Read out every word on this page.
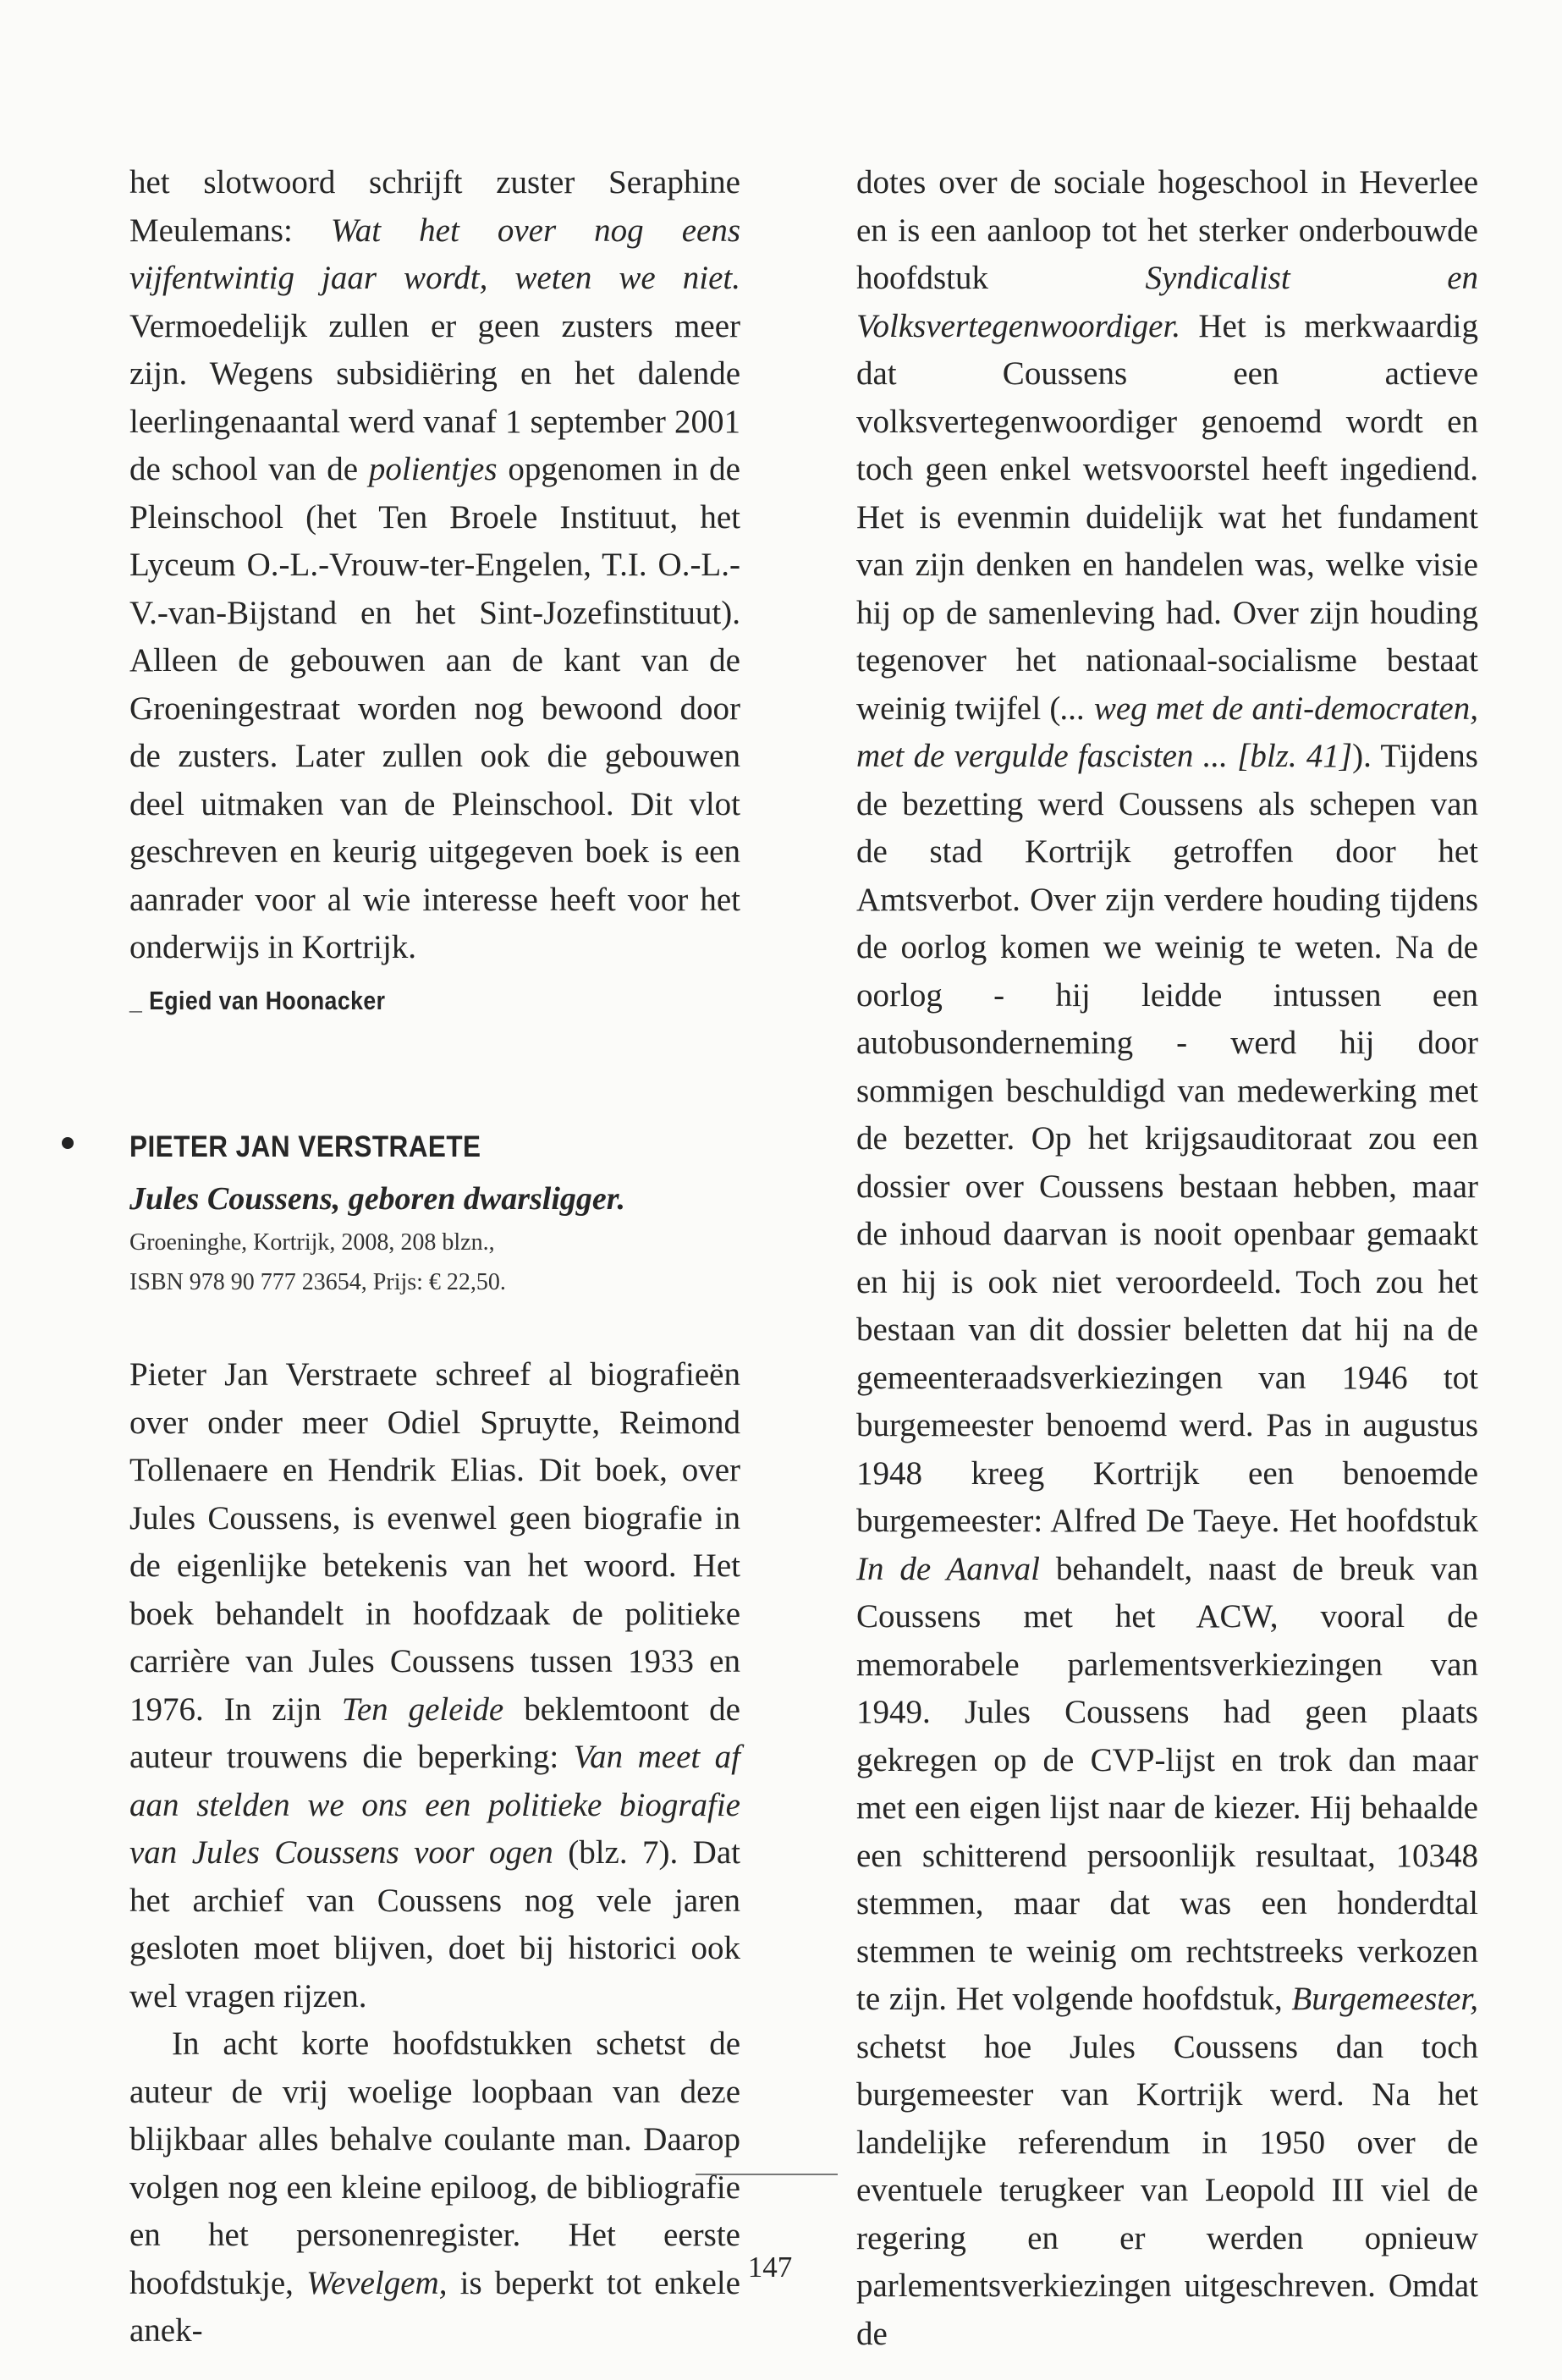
het slotwoord schrijft zuster Seraphine Meulemans: Wat het over nog eens vijfentwintig jaar wordt, weten we niet. Vermoedelijk zullen er geen zusters meer zijn. Wegens subsidiëring en het dalende leerlingenaantal werd vanaf 1 september 2001 de school van de polientjes opgenomen in de Pleinschool (het Ten Broele Instituut, het Lyceum O.-L.-Vrouw-ter-Engelen, T.I. O.-L.-V.-van-Bijstand en het Sint-Jozefinstituut). Alleen de gebouwen aan de kant van de Groeningestraat worden nog bewoond door de zusters. Later zullen ook die gebouwen deel uitmaken van de Pleinschool. Dit vlot geschreven en keurig uitgegeven boek is een aanrader voor al wie interesse heeft voor het onderwijs in Kortrijk.

_ Egied van Hoonacker
PIETER JAN VERSTRAETE
Jules Coussens, geboren dwarsligger.
Groeninghe, Kortrijk, 2008, 208 blzn.,
ISBN 978 90 777 23654, Prijs: € 22,50.

Pieter Jan Verstraete schreef al biografieën over onder meer Odiel Spruytte, Reimond Tollenaere en Hendrik Elias. Dit boek, over Jules Coussens, is evenwel geen biografie in de eigenlijke betekenis van het woord. Het boek behandelt in hoofdzaak de politieke carrière van Jules Coussens tussen 1933 en 1976. In zijn Ten geleide beklemtoont de auteur trouwens die beperking: Van meet af aan stelden we ons een politieke biografie van Jules Coussens voor ogen (blz. 7). Dat het archief van Coussens nog vele jaren gesloten moet blijven, doet bij historici ook wel vragen rijzen.

In acht korte hoofdstukken schetst de auteur de vrij woelige loopbaan van deze blijkbaar alles behalve coulante man. Daarop volgen nog een kleine epiloog, de bibliografie en het personenregister. Het eerste hoofdstukje, Wevelgem, is beperkt tot enkele anek-

dotes over de sociale hogeschool in Heverlee en is een aanloop tot het sterker onderbouwde hoofdstuk Syndicalist en Volksvertegenwoordiger. Het is merkwaardig dat Coussens een actieve volksvertegenwoordiger genoemd wordt en toch geen enkel wetsvoorstel heeft ingediend. Het is evenmin duidelijk wat het fundament van zijn denken en handelen was, welke visie hij op de samenleving had. Over zijn houding tegenover het nationaal-socialisme bestaat weinig twijfel (... weg met de anti-democraten, met de vergulde fascisten ... [blz. 41]). Tijdens de bezetting werd Coussens als schepen van de stad Kortrijk getroffen door het Amtsverbot. Over zijn verdere houding tijdens de oorlog komen we weinig te weten. Na de oorlog - hij leidde intussen een autobusonderneming - werd hij door sommigen beschuldigd van medewerking met de bezetter. Op het krijgsauditoraat zou een dossier over Coussens bestaan hebben, maar de inhoud daarvan is nooit openbaar gemaakt en hij is ook niet veroordeeld. Toch zou het bestaan van dit dossier beletten dat hij na de gemeenteraadsverkiezingen van 1946 tot burgemeester benoemd werd. Pas in augustus 1948 kreeg Kortrijk een benoemde burgemeester: Alfred De Taeye. Het hoofdstuk In de Aanval behandelt, naast de breuk van Coussens met het ACW, vooral de memorabele parlementsverkiezingen van 1949. Jules Coussens had geen plaats gekregen op de CVP-lijst en trok dan maar met een eigen lijst naar de kiezer. Hij behaalde een schitterend persoonlijk resultaat, 10348 stemmen, maar dat was een honderdtal stemmen te weinig om rechtstreeks verkozen te zijn. Het volgende hoofdstuk, Burgemeester, schetst hoe Jules Coussens dan toch burgemeester van Kortrijk werd. Na het landelijke referendum in 1950 over de eventuele terugkeer van Leopold III viel de regering en er werden opnieuw parlementsverkiezingen uitgeschreven. Omdat de

147
